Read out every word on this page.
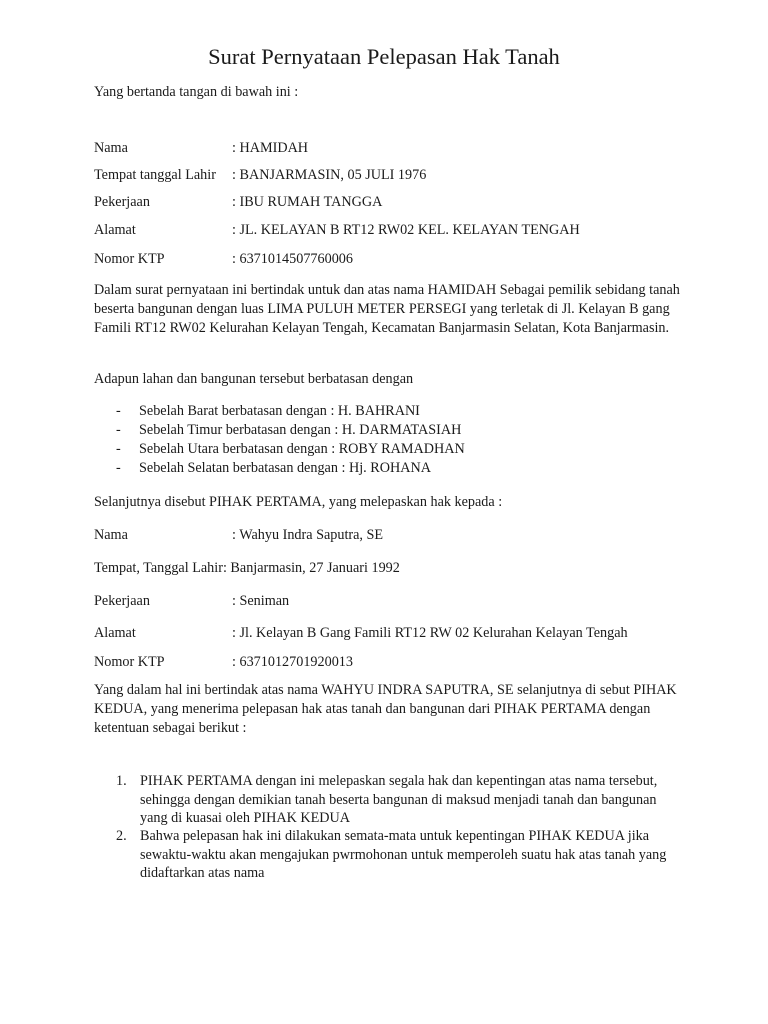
Surat Pernyataan Pelepasan Hak Tanah

Yang bertanda tangan di bawah ini :

Nama	: HAMIDAH

Tempat tanggal Lahir : BANJARMASIN, 05 JULI 1976

Pekerjaan	: IBU RUMAH TANGGA

Alamat	: JL. KELAYAN B RT12 RW02 KEL. KELAYAN TENGAH

Nomor KTP	: 6371014507760006

Dalam surat pernyataan ini bertindak untuk dan atas nama HAMIDAH Sebagai pemilik sebidang tanah beserta bangunan dengan luas LIMA PULUH METER PERSEGI yang terletak di Jl. Kelayan B gang Famili RT12 RW02 Kelurahan Kelayan Tengah, Kecamatan Banjarmasin Selatan, Kota Banjarmasin.

Adapun lahan dan bangunan tersebut berbatasan dengan

- Sebelah Barat berbatasan dengan : H. BAHRANI

- Sebelah Timur berbatasan dengan : H. DARMATASIAH

- Sebelah Utara berbatasan dengan : ROBY RAMADHAN

- Sebelah Selatan berbatasan dengan : Hj. ROHANA

Selanjutnya disebut PIHAK PERTAMA, yang melepaskan hak kepada :

Nama	: Wahyu Indra Saputra, SE

Tempat, Tanggal Lahir: Banjarmasin, 27 Januari 1992

Pekerjaan	: Seniman

Alamat	: Jl. Kelayan B Gang Famili RT12 RW 02 Kelurahan Kelayan Tengah

Nomor KTP	: 6371012701920013

Yang dalam hal ini bertindak atas nama WAHYU INDRA SAPUTRA, SE selanjutnya di sebut PIHAK KEDUA, yang menerima pelepasan hak atas tanah dan bangunan dari PIHAK PERTAMA dengan ketentuan sebagai berikut :

1. PIHAK PERTAMA dengan ini melepaskan segala hak dan kepentingan atas nama tersebut, sehingga dengan demikian tanah beserta bangunan di maksud menjadi tanah dan bangunan yang di kuasai oleh PIHAK KEDUA
2. Bahwa pelepasan hak ini dilakukan semata-mata untuk kepentingan PIHAK KEDUA jika sewaktu-waktu akan mengajukan pwrmohonan untuk memperoleh suatu hak atas tanah yang didaftarkan atas nama
